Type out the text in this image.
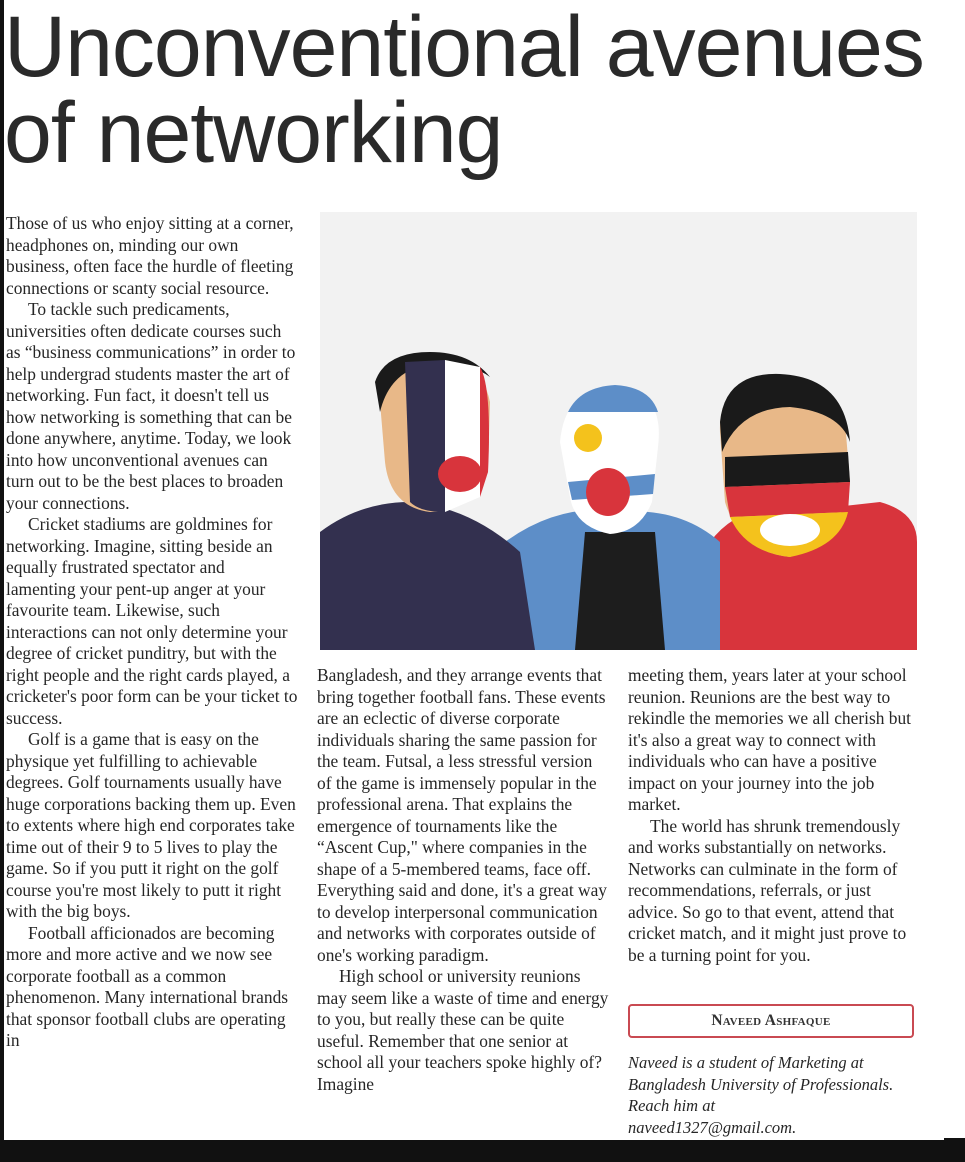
Unconventional avenues
of networking

Those of us who enjoy sitting at a corner, headphones on, minding our own business, often face the hurdle of fleeting connections or scanty social resource.

To tackle such predicaments, universities often dedicate courses such as “business communications” in order to help undergrad students master the art of networking. Fun fact, it doesn't tell us how networking is something that can be done anywhere, anytime. Today, we look into how unconventional avenues can turn out to be the best places to broaden your connections.

Cricket stadiums are goldmines for networking. Imagine, sitting beside an equally frustrated spectator and lamenting your pent-up anger at your favourite team. Likewise, such interactions can not only determine your degree of cricket punditry, but with the right people and the right cards played, a cricketer's poor form can be your ticket to success.

Golf is a game that is easy on the physique yet fulfilling to achievable degrees. Golf tournaments usually have huge corporations backing them up. Even to extents where high end corporates take time out of their 9 to 5 lives to play the game. So if you putt it right on the golf course you're most likely to putt it right with the big boys.

Football afficionados are becoming more and more active and we now see corporate football as a common phenomenon. Many international brands that sponsor football clubs are operating in

Bangladesh, and they arrange events that bring together football fans. These events are an eclectic of diverse corporate individuals sharing the same passion for the team. Futsal, a less stressful version of the game is immensely popular in the professional arena. That explains the emergence of tournaments like the “Ascent Cup," where companies in the shape of a 5-membered teams, face off. Everything said and done, it's a great way to develop interpersonal communication and networks with corporates outside of one's working paradigm.

High school or university reunions may seem like a waste of time and energy to you, but really these can be quite useful. Remember that one senior at school all your teachers spoke highly of? Imagine

meeting them, years later at your school reunion. Reunions are the best way to rekindle the memories we all cherish but it's also a great way to connect with individuals who can have a positive impact on your journey into the job market.

The world has shrunk tremendously and works substantially on networks. Networks can culminate in the form of recommendations, referrals, or just advice. So go to that event, attend that cricket match, and it might just prove to be a turning point for you.

Naveed Ashfaque
Naveed is a student of Marketing at
Bangladesh University of Professionals.
Reach him at
naveed1327@gmail.com.
